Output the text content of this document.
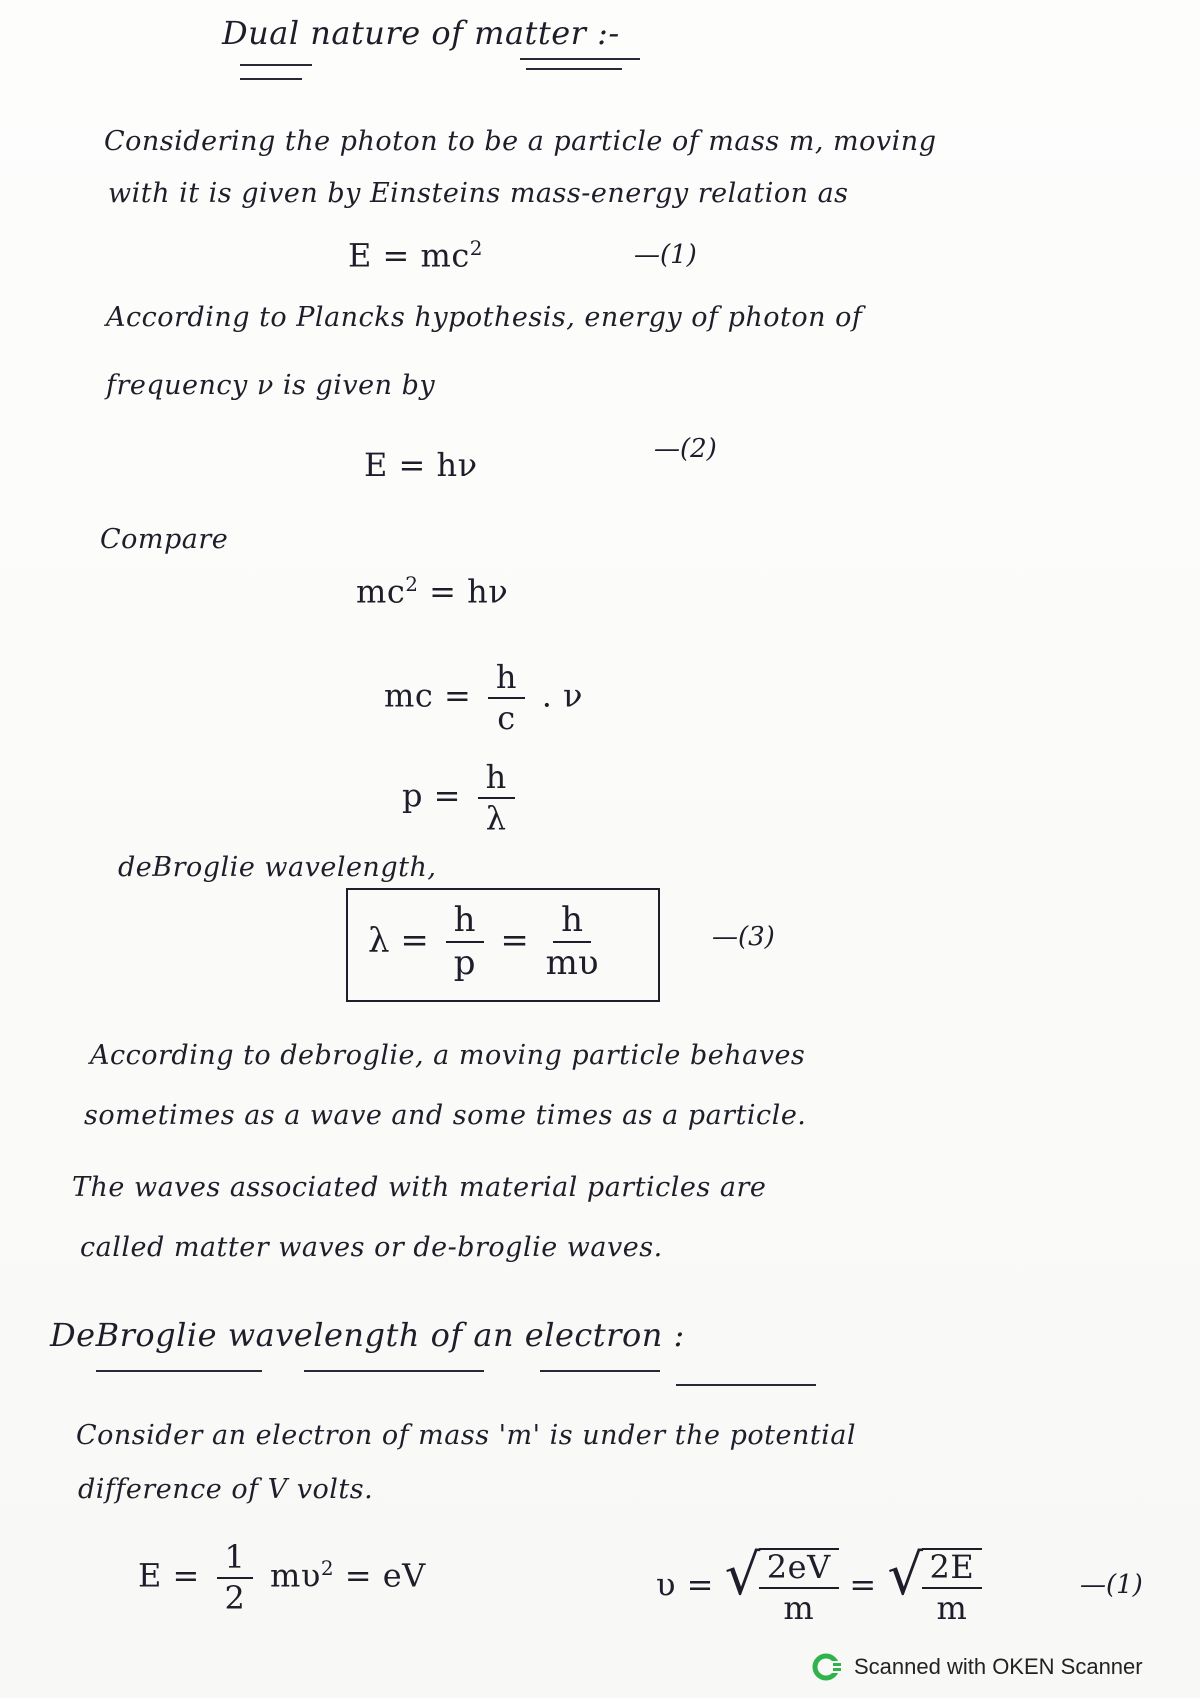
Dual nature of matter :-
Considering the photon to be a particle of mass m, moving
with it is given by Einsteins mass-energy relation as
$E = mc^2$	—(1)
According to Plancks hypothesis, energy of photon of
frequency ν is given by
E = hν	—(2)
Compare
$mc^2 = h\nu$
mc = $\frac{h}{c}$ . ν
$p = \frac{h}{\lambda}$
deBroglie wavelength,
$\lambda = \frac{h}{p} = \frac{h}{m\upsilon}$	—(3)
According to debroglie, a moving particle behaves
sometimes as a wave and some times as a particle.
The waves associated with material particles are
called matter waves or de-broglie waves.
DeBroglie wavelength of an electron :
Consider an electron of mass 'm' is under the potential
difference of V volts.
$E = \frac{1}{2} m\upsilon^2$ = eV	υ = √
$\frac{2eV}{m}$ = √
$\frac{2E}{m}$	—(1)
Scanned with OKEN Scanner
